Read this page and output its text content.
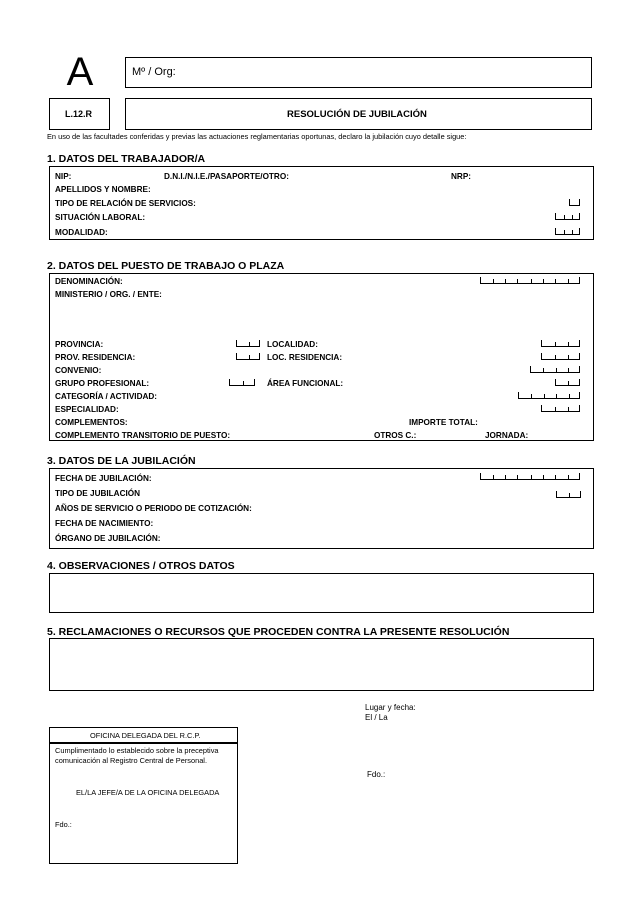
A	Mº / Org:
L.12.R	RESOLUCIÓN DE JUBILACIÓN
En uso de las facultades conferidas y previas las actuaciones reglamentarias oportunas, declaro la jubilación cuyo detalle sigue:
1. DATOS DEL TRABAJADOR/A
NIP:	D.N.I./N.I.E./PASAPORTE/OTRO:	NRP:
APELLIDOS Y NOMBRE:
TIPO DE RELACIÓN DE SERVICIOS:
SITUACIÓN LABORAL:
MODALIDAD:
2. DATOS DEL PUESTO DE TRABAJO O PLAZA
DENOMINACIÓN:
MINISTERIO / ORG. / ENTE:
PROVINCIA:	LOCALIDAD:
PROV. RESIDENCIA:	LOC. RESIDENCIA:
CONVENIO:
GRUPO PROFESIONAL:	ÁREA FUNCIONAL:
CATEGORÍA / ACTIVIDAD:
ESPECIALIDAD:
COMPLEMENTOS:	IMPORTE TOTAL:
COMPLEMENTO TRANSITORIO DE PUESTO:	OTROS C.:	JORNADA:
3. DATOS DE LA JUBILACIÓN
FECHA DE JUBILACIÓN:
TIPO DE JUBILACIÓN
AÑOS DE SERVICIO O PERIODO DE COTIZACIÓN:
FECHA DE NACIMIENTO:
ÓRGANO DE JUBILACIÓN:
4. OBSERVACIONES / OTROS DATOS
5. RECLAMACIONES O RECURSOS QUE PROCEDEN CONTRA LA PRESENTE RESOLUCIÓN
Lugar y fecha:
El / La
Fdo.:
OFICINA DELEGADA DEL R.C.P.
Cumplimentado lo establecido sobre la preceptiva
comunicación al Registro Central de Personal.
EL/LA JEFE/A DE LA OFICINA DELEGADA
Fdo.:
